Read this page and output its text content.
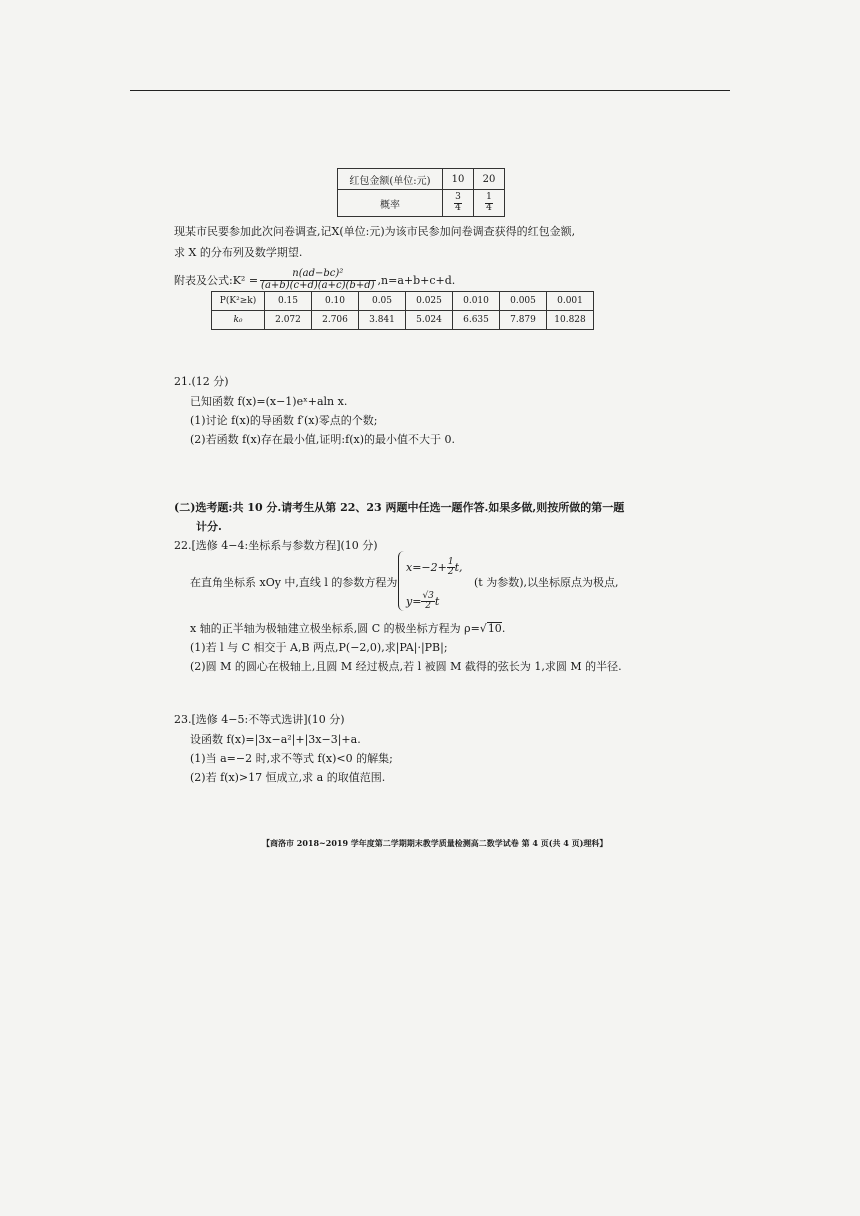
红包金额(单位:元)	10	20
概率	$\frac{3}{4}$	$\frac{1}{4}$
现某市民要参加此次问卷调查,记X(单位:元)为该市民参加问卷调查获得的红包金额,
求 X 的分布列及数学期望.
附表及公式:K² = $\frac{\text{n(ad−bc)²}}{(a+b)(c+d)(a+c)(b+d)} ,n=a+b+c+d$.
P(K²≥k)	0.15	0.10	0.05	0.025	0.010	0.005	0.001
k₀	2.072	2.706	3.841	5.024	6.635	7.879	10.828
21.(12 分)
已知函数 f(x)=(x−1)eˣ+aln x.
(1)讨论 f(x)的导函数 f′(x)零点的个数;
(2)若函数 f(x)存在最小值,证明:f(x)的最小值不大于 0.
(二)选考题:共 10 分.请考生从第 22、23 两题中任选一题作答.如果多做,则按所做的第一题
计分.
22.[选修 4−4:坐标系与参数方程](10 分)
在直角坐标系 xOy 中,直线 l 的参数方程为
$x=-2+ \frac{1}{2} t$,
$y= \frac{√3}{2}$ t
(t 为参数),以坐标原点为极点,
x 轴的正半轴为极轴建立极坐标系,圆 C 的极坐标方程为 ρ= √ 10 .
(1)若 l 与 C 相交于 A,B 两点,P(−2,0),求|PA|·|PB|;
(2)圆 M 的圆心在极轴上,且圆 M 经过极点,若 l 被圆 M 截得的弦长为 1,求圆 M 的半径.
23.[选修 4−5:不等式选讲](10 分)
设函数 f(x)=|3x−a²|+|3x−3|+a.
(1)当 a=−2 时,求不等式 f(x)<0 的解集;
(2)若 f(x)>17 恒成立,求 a 的取值范围.
【商洛市 2018~2019 学年度第二学期期末教学质量检测高二数学试卷 第 4 页(共 4 页)理科】
